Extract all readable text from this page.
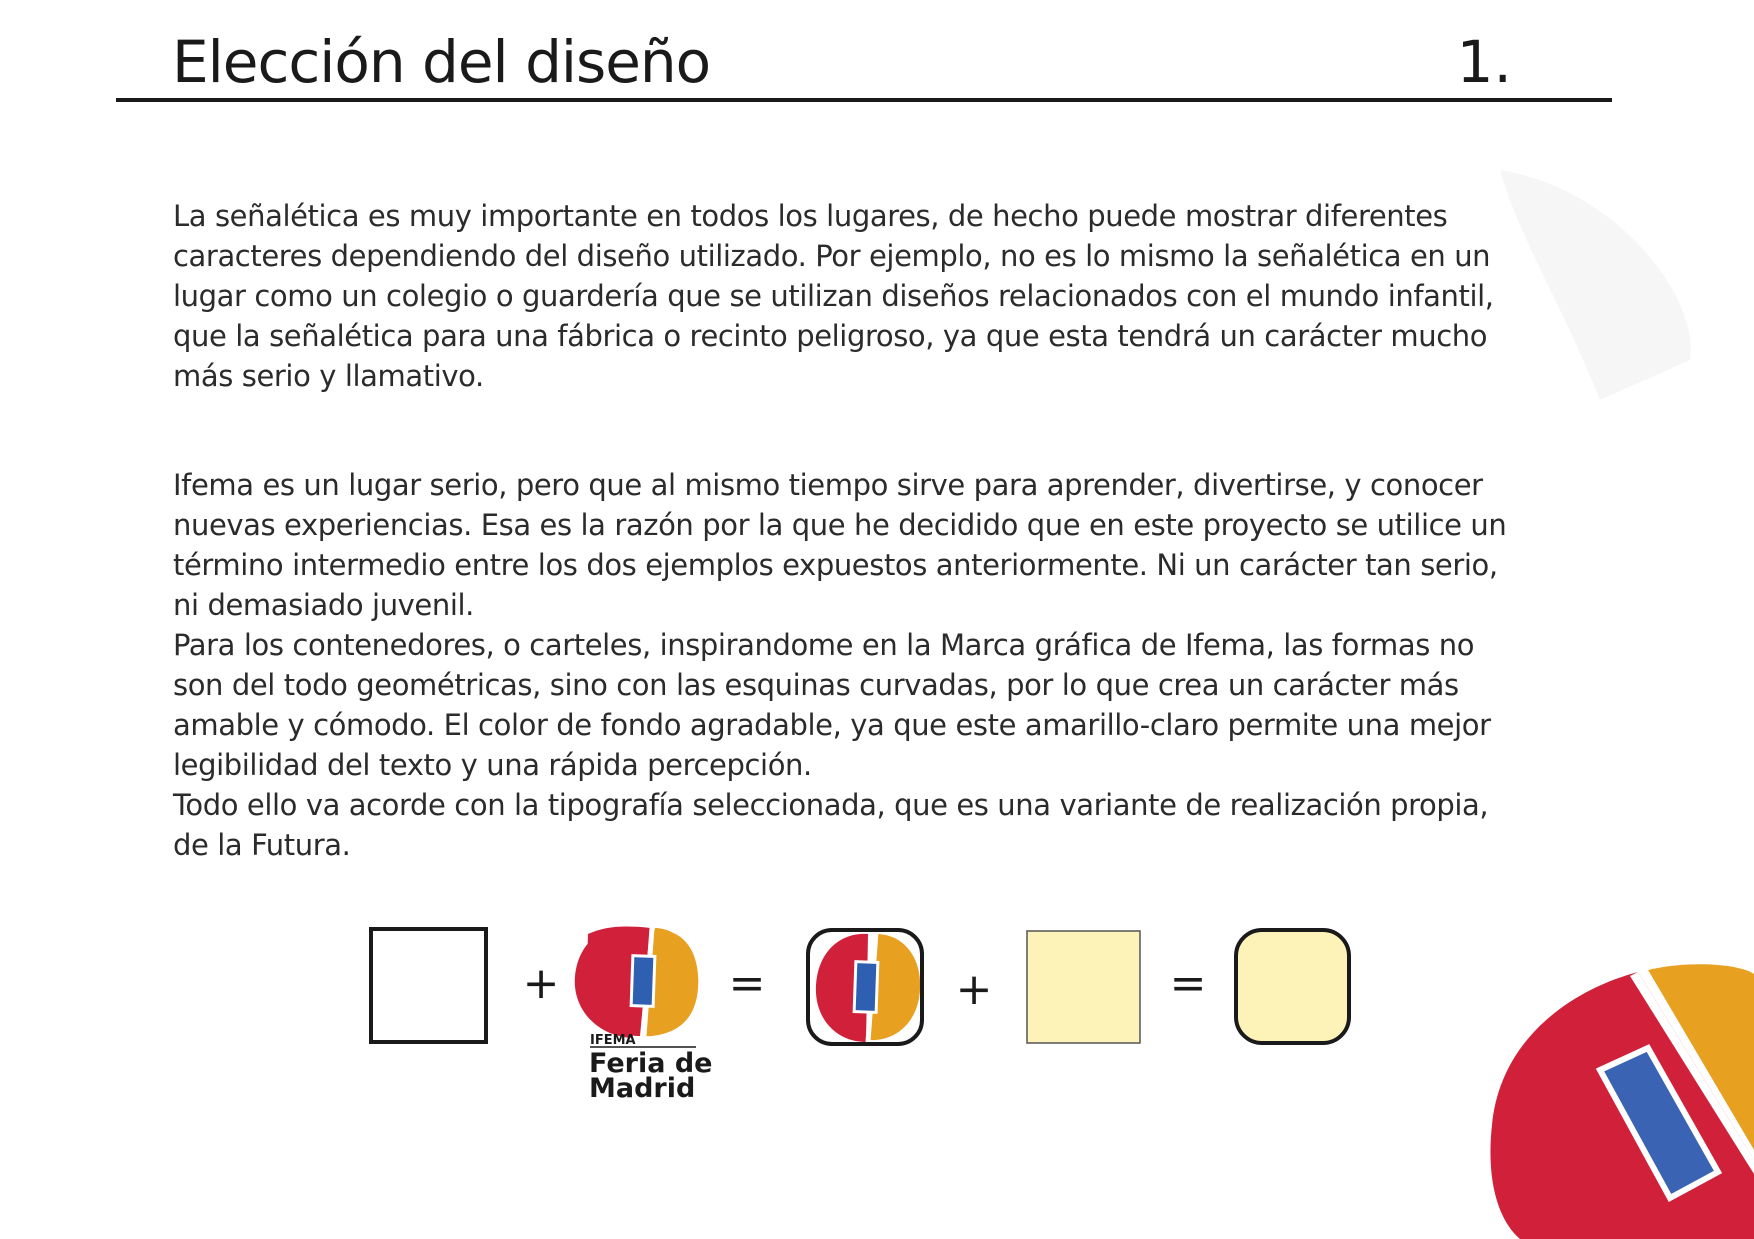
Elección del diseño	1.

La señalética es muy importante en todos los lugares, de hecho puede mostrar diferentes caracteres dependiendo del diseño utilizado. Por ejemplo, no es lo mismo la señalética en un lugar como un colegio o guardería que se utilizan diseños relacionados con el mundo infantil, que la señalética para una fábrica o recinto peligroso, ya que esta tendrá un carácter mucho más serio y llamativo.

Ifema es un lugar serio, pero que al mismo tiempo sirve para aprender, divertirse, y conocer nuevas experiencias. Esa es la razón por la que he decidido que en este proyecto se utilice un término intermedio entre los dos ejemplos expuestos anteriormente. Ni un carácter tan serio, ni demasiado juvenil.

Para los contenedores, o carteles, inspirandome en la Marca gráfica de Ifema, las formas no son del todo geométricas, sino con las esquinas curvadas, por lo que crea un carácter más amable y cómodo. El color de fondo agradable, ya que este amarillo-claro permite una mejor legibilidad del texto y una rápida percepción.

Todo ello va acorde con la tipografía seleccionada, que es una variante de realización propia, de la Futura.

+
IFEMA
Feria de
Madrid
=	+	=
